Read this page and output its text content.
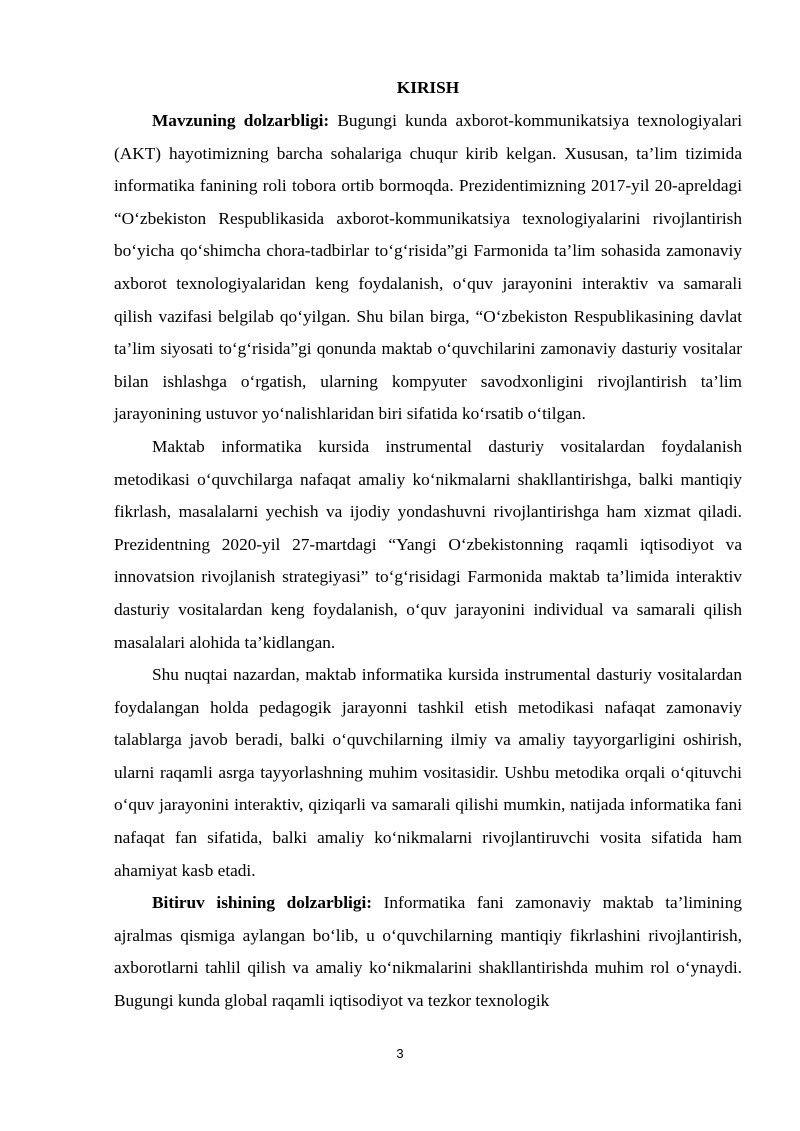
KIRISH

Mavzuning dolzarbligi: Bugungi kunda axborot-kommunikatsiya texnologiyalari (AKT) hayotimizning barcha sohalariga chuqur kirib kelgan. Xususan, ta’lim tizimida informatika fanining roli tobora ortib bormoqda. Prezidentimizning 2017-yil 20-apreldagi “O‘zbekiston Respublikasida axborot-kommunikatsiya texnologiyalarini rivojlantirish bo‘yicha qo‘shimcha chora-tadbirlar to‘g‘risida”gi Farmonida ta’lim sohasida zamonaviy axborot texnologiyalaridan keng foydalanish, o‘quv jarayonini interaktiv va samarali qilish vazifasi belgilab qo‘yilgan. Shu bilan birga, “O‘zbekiston Respublikasining davlat ta’lim siyosati to‘g‘risida”gi qonunda maktab o‘quvchilarini zamonaviy dasturiy vositalar bilan ishlashga o‘rgatish, ularning kompyuter savodxonligini rivojlantirish ta’lim jarayonining ustuvor yo‘nalishlaridan biri sifatida ko‘rsatib o‘tilgan.

Maktab informatika kursida instrumental dasturiy vositalardan foydalanish metodikasi o‘quvchilarga nafaqat amaliy ko‘nikmalarni shakllantirishga, balki mantiqiy fikrlash, masalalarni yechish va ijodiy yondashuvni rivojlantirishga ham xizmat qiladi. Prezidentning 2020-yil 27-martdagi “Yangi O‘zbekistonning raqamli iqtisodiyot va innovatsion rivojlanish strategiyasi” to‘g‘risidagi Farmonida maktab ta’limida interaktiv dasturiy vositalardan keng foydalanish, o‘quv jarayonini individual va samarali qilish masalalari alohida ta’kidlangan.

Shu nuqtai nazardan, maktab informatika kursida instrumental dasturiy vositalardan foydalangan holda pedagogik jarayonni tashkil etish metodikasi nafaqat zamonaviy talablarga javob beradi, balki o‘quvchilarning ilmiy va amaliy tayyorgarligini oshirish, ularni raqamli asrga tayyorlashning muhim vositasidir. Ushbu metodika orqali o‘qituvchi o‘quv jarayonini interaktiv, qiziqarli va samarali qilishi mumkin, natijada informatika fani nafaqat fan sifatida, balki amaliy ko‘nikmalarni rivojlantiruvchi vosita sifatida ham ahamiyat kasb etadi.

Bitiruv ishining dolzarbligi: Informatika fani zamonaviy maktab ta’limining ajralmas qismiga aylangan bo‘lib, u o‘quvchilarning mantiqiy fikrlashini rivojlantirish, axborotlarni tahlil qilish va amaliy ko‘nikmalarini shakllantirishda muhim rol o‘ynaydi. Bugungi kunda global raqamli iqtisodiyot va tezkor texnologik

3
